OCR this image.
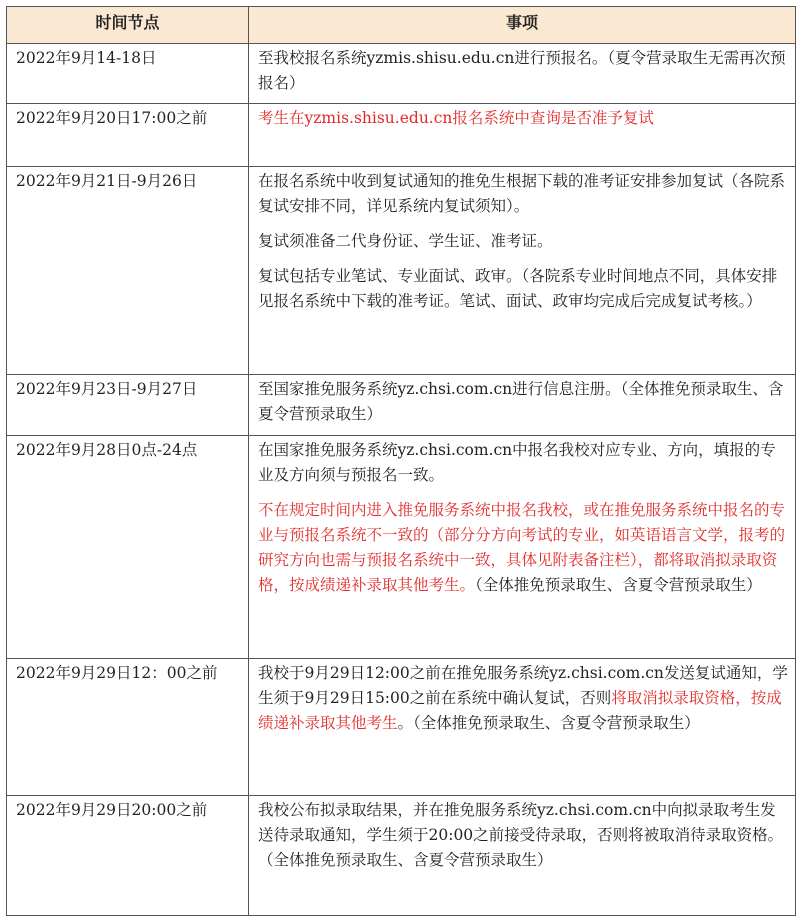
时间节点	事项
2022年9月14-18日	至我校报名系统yzmis.shisu.edu.cn进行预报名。（夏令营录取生无需再次预报名）

2022年9月20日17:00之前	考生在yzmis.shisu.edu.cn报名系统中查询是否准予复试

2022年9月21日-9月26日	在报名系统中收到复试通知的推免生根据下载的准考证安排参加复试（各院系复试安排不同，详见系统内复试须知）。

复试须准备二代身份证、学生证、准考证。

复试包括专业笔试、专业面试、政审。（各院系专业时间地点不同，具体安排见报名系统中下载的准考证。笔试、面试、政审均完成后完成复试考核。）

2022年9月23日-9月27日	至国家推免服务系统yz.chsi.com.cn进行信息注册。（全体推免预录取生、含夏令营预录取生）

2022年9月28日0点-24点	在国家推免服务系统yz.chsi.com.cn中报名我校对应专业、方向，填报的专业及方向须与预报名一致。

不在规定时间内进入推免服务系统中报名我校，或在推免服务系统中报名的专业与预报名系统不一致的（部分分方向考试的专业，如英语语言文学，报考的研究方向也需与预报名系统中一致，具体见附表备注栏），都将取消拟录取资格，按成绩递补录取其他考生。（全体推免预录取生、含夏令营预录取生）

2022年9月29日12：00之前	我校于9月29日12:00之前在推免服务系统yz.chsi.com.cn发送复试通知，学生须于9月29日15:00之前在系统中确认复试，否则将取消拟录取资格，按成绩递补录取其他考生。（全体推免预录取生、含夏令营预录取生）

2022年9月29日20:00之前	我校公布拟录取结果，并在推免服务系统yz.chsi.com.cn中向拟录取考生发送待录取通知，学生须于20:00之前接受待录取，否则将被取消待录取资格。（全体推免预录取生、含夏令营预录取生）
